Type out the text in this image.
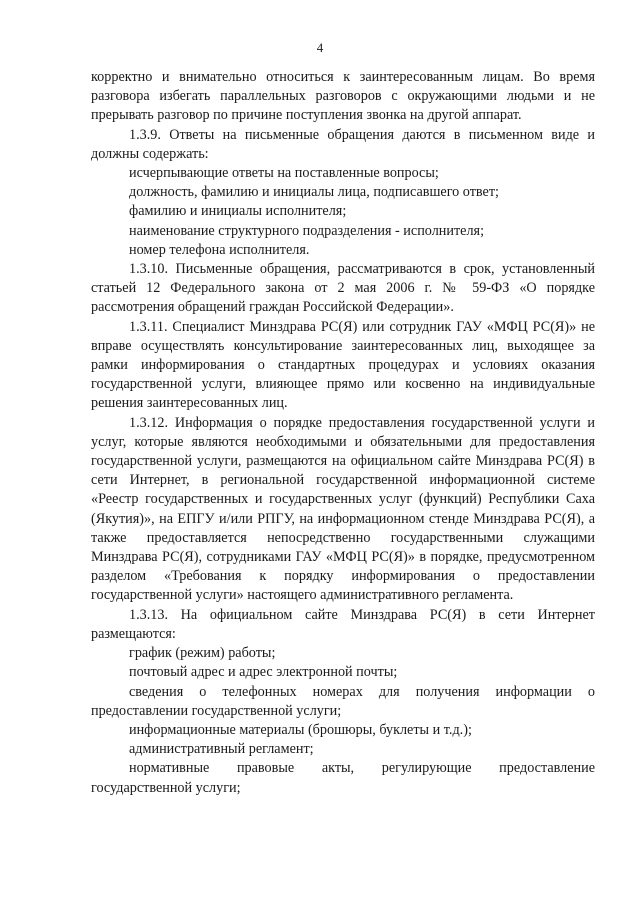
4

корректно и внимательно относиться к заинтересованным лицам. Во время разговора избегать параллельных разговоров с окружающими людьми и не прерывать разговор по причине поступления звонка на другой аппарат.

1.3.9. Ответы на письменные обращения даются в письменном виде и должны содержать:

исчерпывающие ответы на поставленные вопросы;

должность, фамилию и инициалы лица, подписавшего ответ;

фамилию и инициалы исполнителя;

наименование структурного подразделения - исполнителя;

номер телефона исполнителя.

1.3.10. Письменные обращения, рассматриваются в срок, установленный статьей 12 Федерального закона от 2 мая 2006 г. № 59-ФЗ «О порядке рассмотрения обращений граждан Российской Федерации».

1.3.11. Специалист Минздрава РС(Я) или сотрудник ГАУ «МФЦ РС(Я)» не вправе осуществлять консультирование заинтересованных лиц, выходящее за рамки информирования о стандартных процедурах и условиях оказания государственной услуги, влияющее прямо или косвенно на индивидуальные решения заинтересованных лиц.

1.3.12. Информация о порядке предоставления государственной услуги и услуг, которые являются необходимыми и обязательными для предоставления государственной услуги, размещаются на официальном сайте Минздрава РС(Я) в сети Интернет, в региональной государственной информационной системе «Реестр государственных и государственных услуг (функций) Республики Саха (Якутия)», на ЕПГУ и/или РПГУ, на информационном стенде Минздрава РС(Я), а также предоставляется непосредственно государственными служащими Минздрава РС(Я), сотрудниками ГАУ «МФЦ РС(Я)» в порядке, предусмотренном разделом «Требования к порядку информирования о предоставлении государственной услуги» настоящего административного регламента.

1.3.13. На официальном сайте Минздрава РС(Я) в сети Интернет размещаются:

график (режим) работы;

почтовый адрес и адрес электронной почты;

сведения о телефонных номерах для получения информации о предоставлении государственной услуги;

информационные материалы (брошюры, буклеты и т.д.);

административный регламент;

нормативные правовые акты, регулирующие предоставление государственной услуги;
